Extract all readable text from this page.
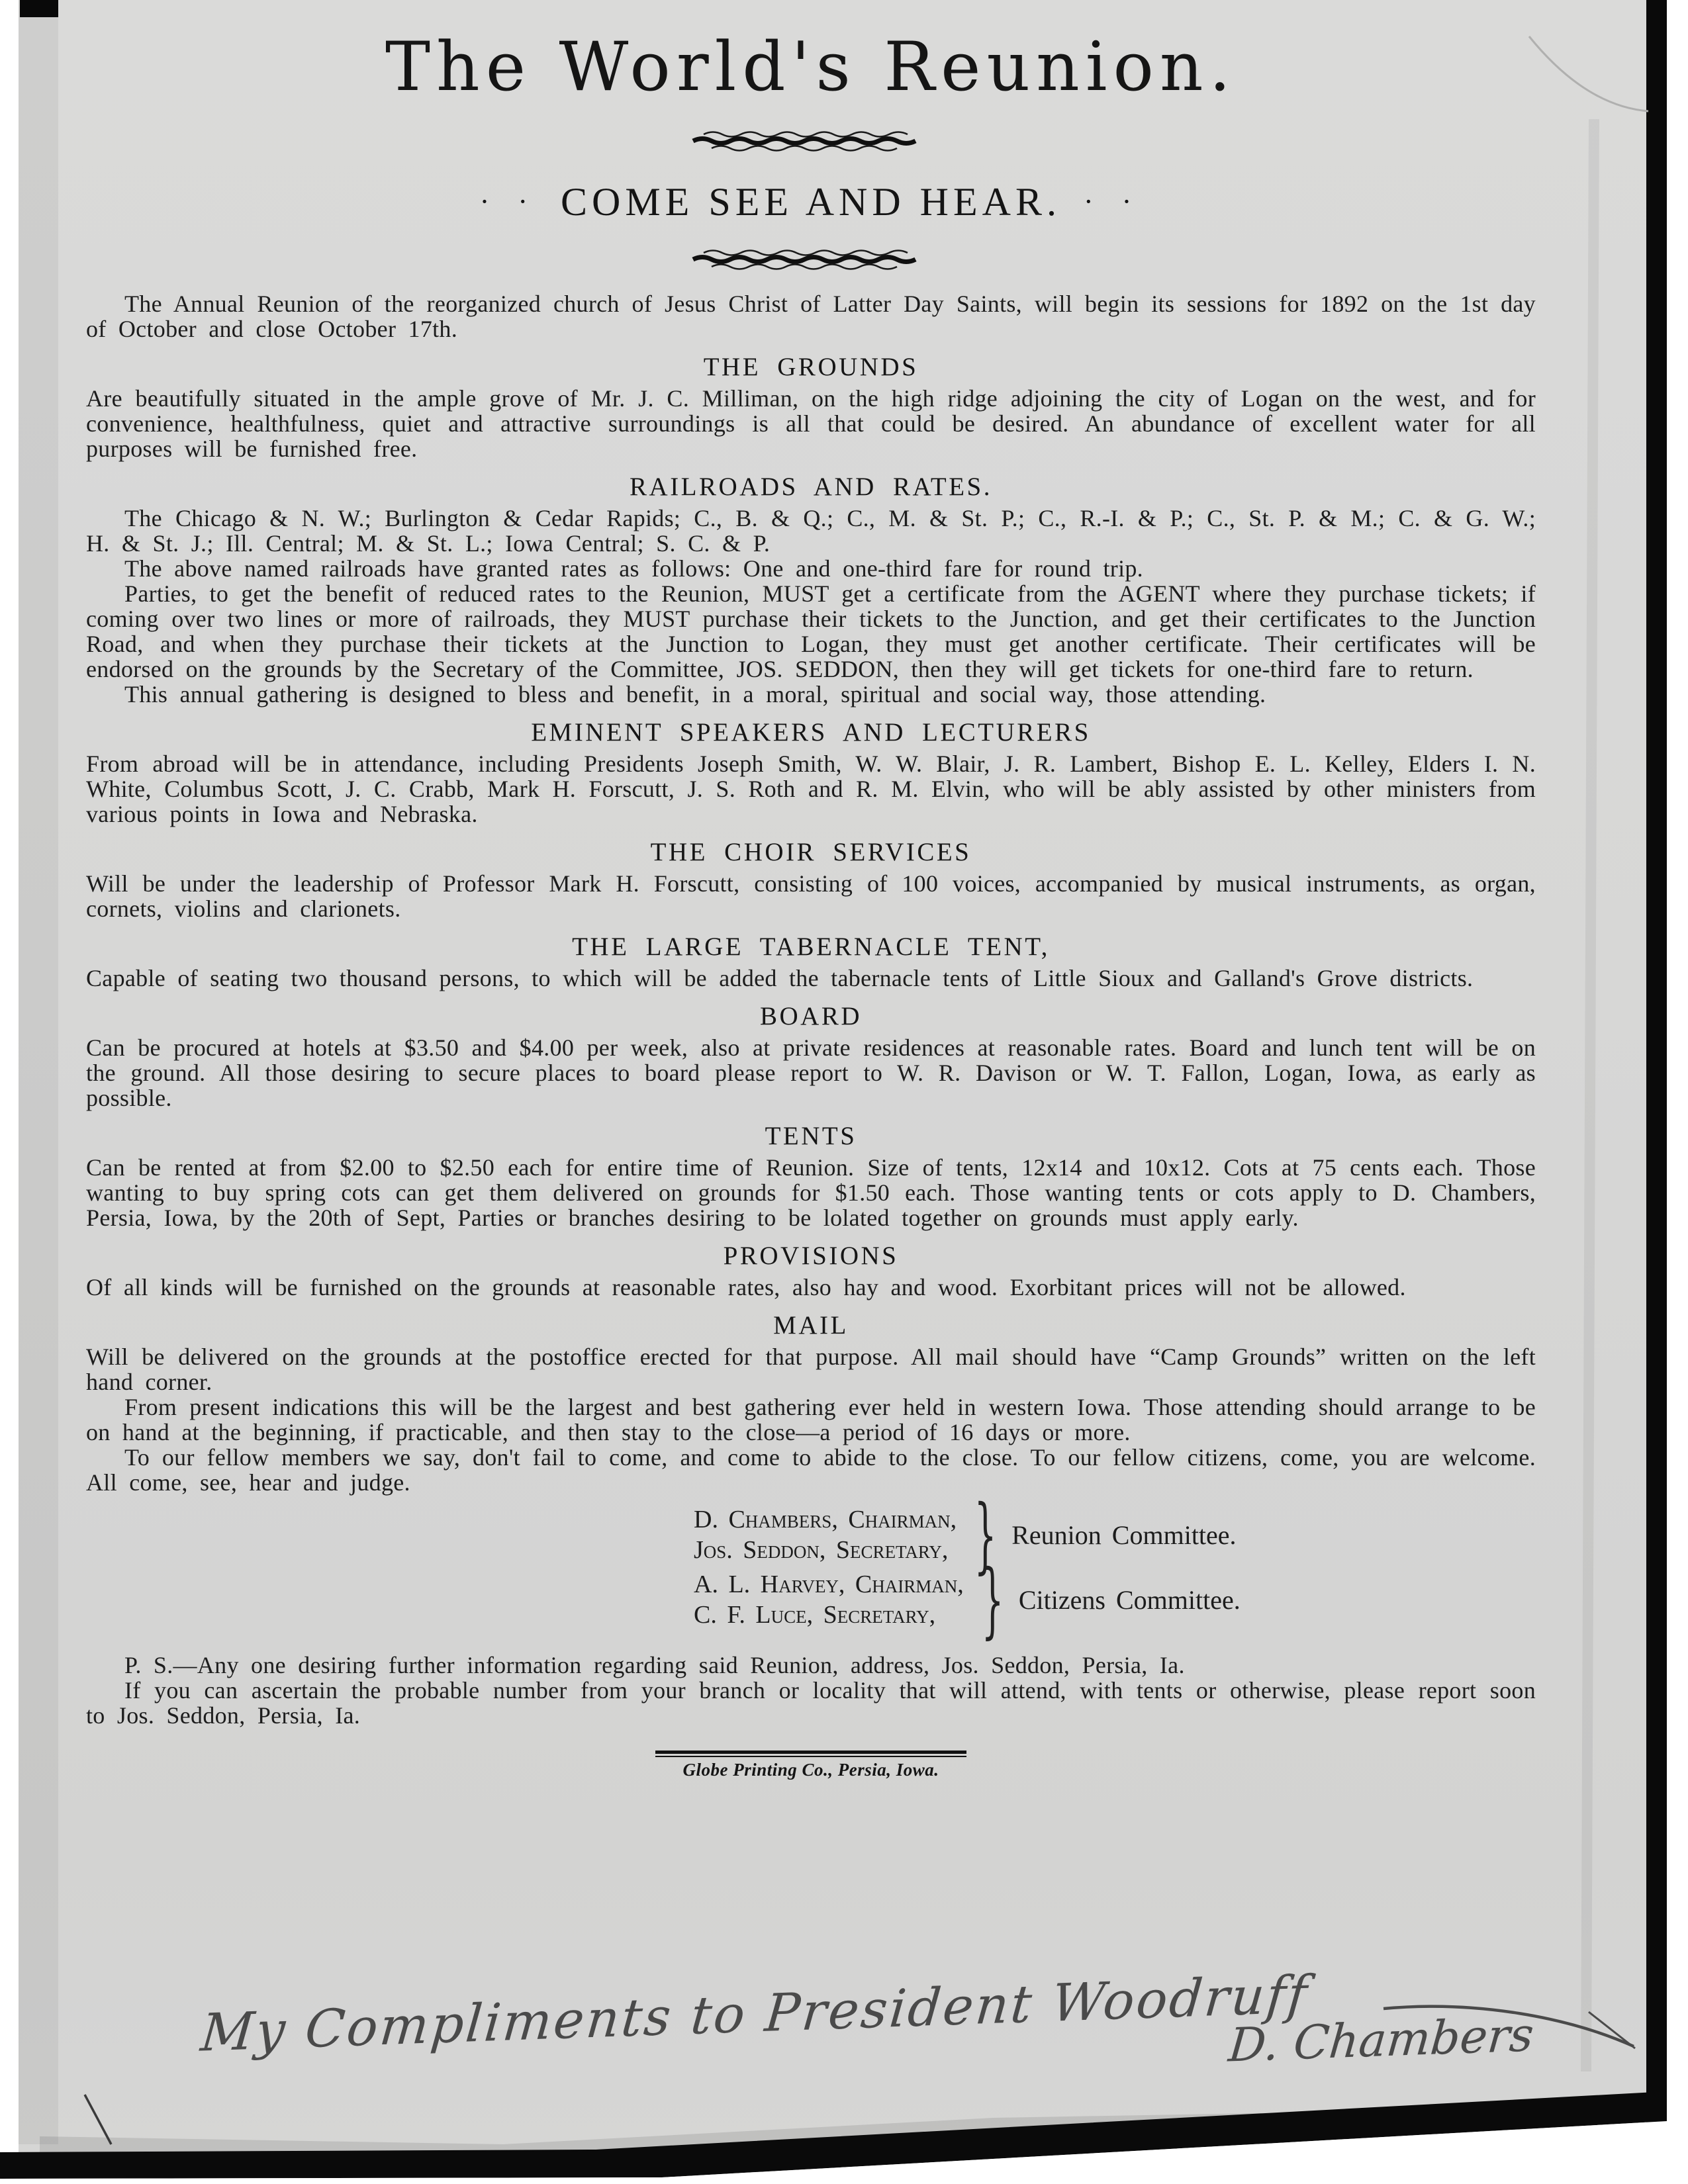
The World's Reunion.
· · COME SEE AND HEAR. · ·

The Annual Reunion of the reorganized church of Jesus Christ of Latter Day Saints, will begin its sessions for 1892 on the 1st day of October and close October 17th.

THE GROUNDS

Are beautifully situated in the ample grove of Mr. J. C. Milliman, on the high ridge adjoining the city of Logan on the west, and for convenience, healthfulness, quiet and attractive surroundings is all that could be desired. An abundance of excellent water for all purposes will be furnished free.

RAILROADS AND RATES.

The Chicago & N. W.; Burlington & Cedar Rapids; C., B. & Q.; C., M. & St. P.; C., R.-I. & P.; C., St. P. & M.; C. & G. W.; H. & St. J.; Ill. Central; M. & St. L.; Iowa Central; S. C. & P.

The above named railroads have granted rates as follows: One and one-third fare for round trip.

Parties, to get the benefit of reduced rates to the Reunion, MUST get a certificate from the AGENT where they purchase tickets; if coming over two lines or more of railroads, they MUST purchase their tickets to the Junction, and get their certificates to the Junction Road, and when they purchase their tickets at the Junction to Logan, they must get another certificate. Their certificates will be endorsed on the grounds by the Secretary of the Committee, JOS. SEDDON, then they will get tickets for one-third fare to return.

This annual gathering is designed to bless and benefit, in a moral, spiritual and social way, those attending.

EMINENT SPEAKERS AND LECTURERS

From abroad will be in attendance, including Presidents Joseph Smith, W. W. Blair, J. R. Lambert, Bishop E. L. Kelley, Elders I. N. White, Columbus Scott, J. C. Crabb, Mark H. Forscutt, J. S. Roth and R. M. Elvin, who will be ably assisted by other ministers from various points in Iowa and Nebraska.

THE CHOIR SERVICES

Will be under the leadership of Professor Mark H. Forscutt, consisting of 100 voices, accompanied by musical instruments, as organ, cornets, violins and clarionets.

THE LARGE TABERNACLE TENT,

Capable of seating two thousand persons, to which will be added the tabernacle tents of Little Sioux and Galland's Grove districts.

BOARD

Can be procured at hotels at $3.50 and $4.00 per week, also at private residences at reasonable rates. Board and lunch tent will be on the ground. All those desiring to secure places to board please report to W. R. Davison or W. T. Fallon, Logan, Iowa, as early as possible.

TENTS

Can be rented at from $2.00 to $2.50 each for entire time of Reunion. Size of tents, 12x14 and 10x12. Cots at 75 cents each. Those wanting to buy spring cots can get them delivered on grounds for $1.50 each. Those wanting tents or cots apply to D. Chambers, Persia, Iowa, by the 20th of Sept, Parties or branches desiring to be lolated together on grounds must apply early.

PROVISIONS

Of all kinds will be furnished on the grounds at reasonable rates, also hay and wood. Exorbitant prices will not be allowed.

MAIL

Will be delivered on the grounds at the postoffice erected for that purpose. All mail should have “Camp Grounds” written on the left hand corner.

From present indications this will be the largest and best gathering ever held in western Iowa. Those attending should arrange to be on hand at the beginning, if practicable, and then stay to the close—a period of 16 days or more.

To our fellow members we say, don't fail to come, and come to abide to the close. To our fellow citizens, come, you are welcome. All come, see, hear and judge.

D. Chambers, Chairman,
Jos. Seddon, Secretary, } Reunion Committee.
A. L. Harvey, Chairman,
C. F. Luce, Secretary, } Citizens Committee.

P. S.—Any one desiring further information regarding said Reunion, address, Jos. Seddon, Persia, Ia.

If you can ascertain the probable number from your branch or locality that will attend, with tents or otherwise, please report soon to Jos. Seddon, Persia, Ia.

Globe Printing Co., Persia, Iowa.
My Compliments to President Woodruff
D. Chambers
